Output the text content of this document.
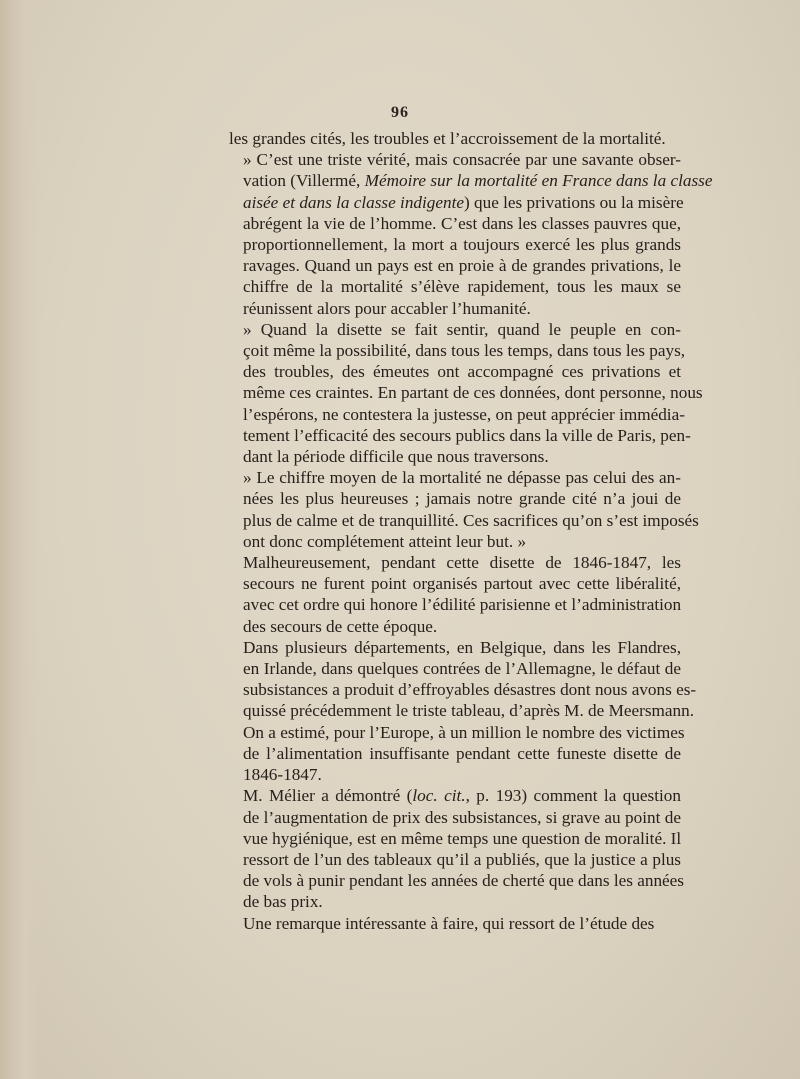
96
les grandes cités, les troubles et l’accroissement de la mortalité.
» C’est une triste vérité, mais consacrée par une savante obser-
vation (Villermé, Mémoire sur la mortalité en France dans la classe
aisée et dans la classe indigente) que les privations ou la misère
abrégent la vie de l’homme. C’est dans les classes pauvres que,
proportionnellement, la mort a toujours exercé les plus grands
ravages. Quand un pays est en proie à de grandes privations, le
chiffre de la mortalité s’élève rapidement, tous les maux se
réunissent alors pour accabler l’humanité.
» Quand la disette se fait sentir, quand le peuple en con-
çoit même la possibilité, dans tous les temps, dans tous les pays,
des troubles, des émeutes ont accompagné ces privations et
même ces craintes. En partant de ces données, dont personne, nous
l’espérons, ne contestera la justesse, on peut apprécier immédia-
tement l’efficacité des secours publics dans la ville de Paris, pen-
dant la période difficile que nous traversons.
» Le chiffre moyen de la mortalité ne dépasse pas celui des an-
nées les plus heureuses ; jamais notre grande cité n’a joui de
plus de calme et de tranquillité. Ces sacrifices qu’on s’est imposés
ont donc complétement atteint leur but. »
Malheureusement, pendant cette disette de 1846-1847, les
secours ne furent point organisés partout avec cette libéralité,
avec cet ordre qui honore l’édilité parisienne et l’administration
des secours de cette époque.
Dans plusieurs départements, en Belgique, dans les Flandres,
en Irlande, dans quelques contrées de l’Allemagne, le défaut de
subsistances a produit d’effroyables désastres dont nous avons es-
quissé précédemment le triste tableau, d’après M. de Meersmann.
On a estimé, pour l’Europe, à un million le nombre des victimes
de l’alimentation insuffisante pendant cette funeste disette de
1846-1847.
M. Mélier a démontré (loc. cit., p. 193) comment la question
de l’augmentation de prix des subsistances, si grave au point de
vue hygiénique, est en même temps une question de moralité. Il
ressort de l’un des tableaux qu’il a publiés, que la justice a plus
de vols à punir pendant les années de cherté que dans les années
de bas prix.
Une remarque intéressante à faire, qui ressort de l’étude des
